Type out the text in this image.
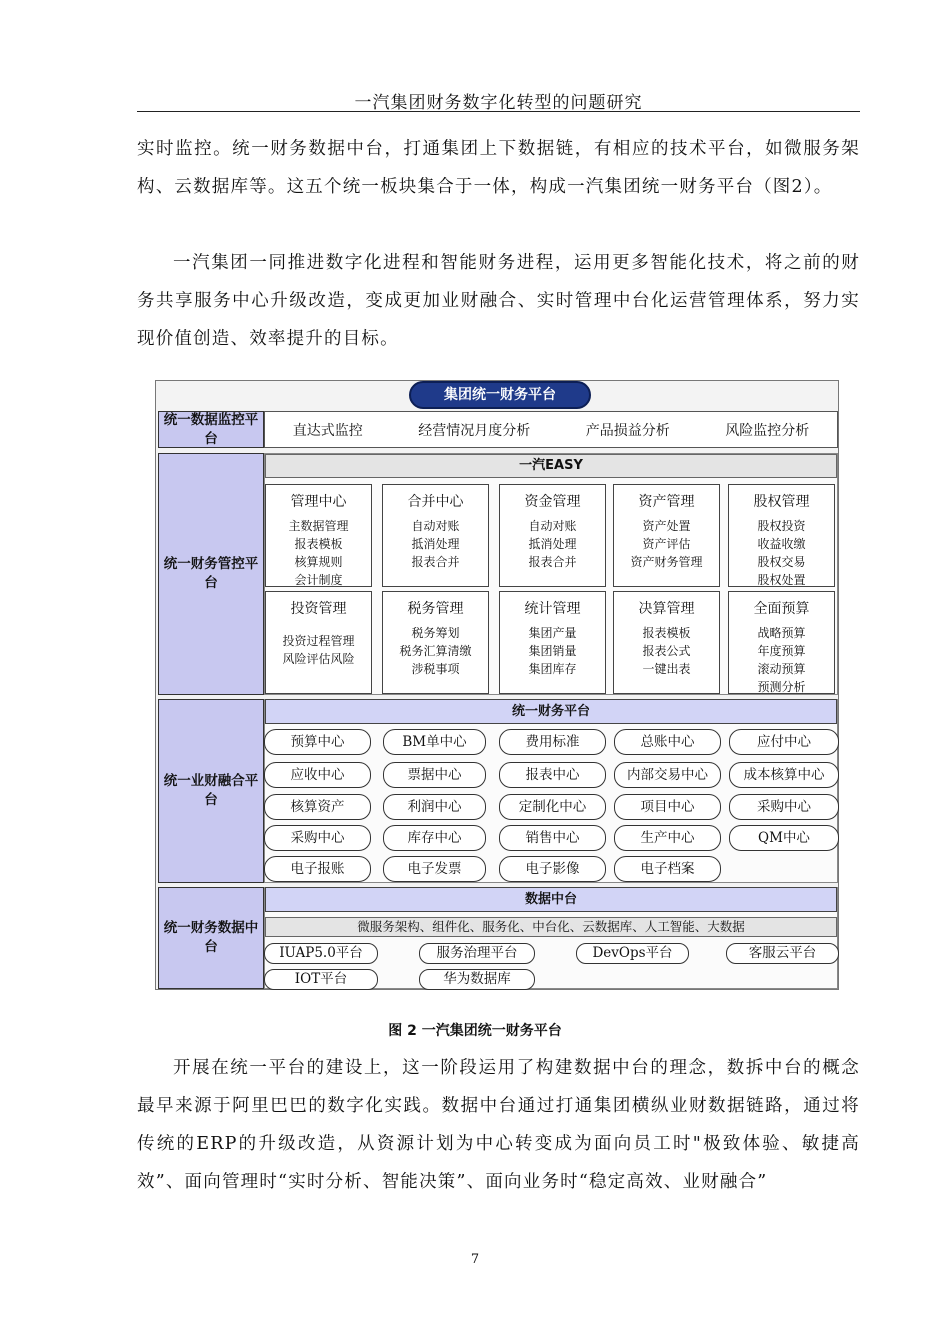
一汽集团财务数字化转型的问题研究

实时监控。统一财务数据中台，打通集团上下数据链，有相应的技术平台，如微服务架构、云数据库等。这五个统一板块集合于一体，构成一汽集团统一财务平台（图2）。

一汽集团一同推进数字化进程和智能财务进程，运用更多智能化技术，将之前的财务共享服务中心升级改造，变成更加业财融合、实时管理中台化运营管理体系，努力实现价值创造、效率提升的目标。

集团统一财务平台
统一数据监控平台	直达式监控	经营情况月度分析	产品损益分析	风险监控分析
统一财务管控平台
一汽EASY
管理中心
主数据管理
报表模板
核算规则
会计制度
合并中心
自动对账
抵消处理
报表合并
资金管理
自动对账
抵消处理
报表合并
资产管理
资产处置
资产评估
资产财务管理
股权管理
股权投资
收益收缴
股权交易
股权处置
投资管理
投资过程管理
风险评估风险
税务管理
税务筹划
税务汇算清缴
涉税事项
统计管理
集团产量
集团销量
集团库存
决算管理
报表模板
报表公式
一键出表
全面预算
战略预算
年度预算
滚动预算
预测分析
统一业财融合平台
统一财务平台
预算中心	BM单中心	费用标准	总账中心	应付中心
应收中心	票据中心	报表中心	内部交易中心	成本核算中心
核算资产	利润中心	定制化中心	项目中心	采购中心
采购中心	库存中心	销售中心	生产中心	QM中心
电子报账	电子发票	电子影像	电子档案
统一财务数据中台
数据中台
微服务架构、组件化、服务化、中台化、云数据库、人工智能、大数据
IUAP5.0平台	服务治理平台	DevOps平台	客服云平台
IOT平台	华为数据库
图 2 一汽集团统一财务平台

开展在统一平台的建设上，这一阶段运用了构建数据中台的理念，数拆中台的概念最早来源于阿里巴巴的数字化实践。数据中台通过打通集团横纵业财数据链路，通过将传统的ERP的升级改造，从资源计划为中心转变成为面向员工时"极致体验、敏捷高效”、面向管理时“实时分析、智能决策”、面向业务时“稳定高效、业财融合”

7
